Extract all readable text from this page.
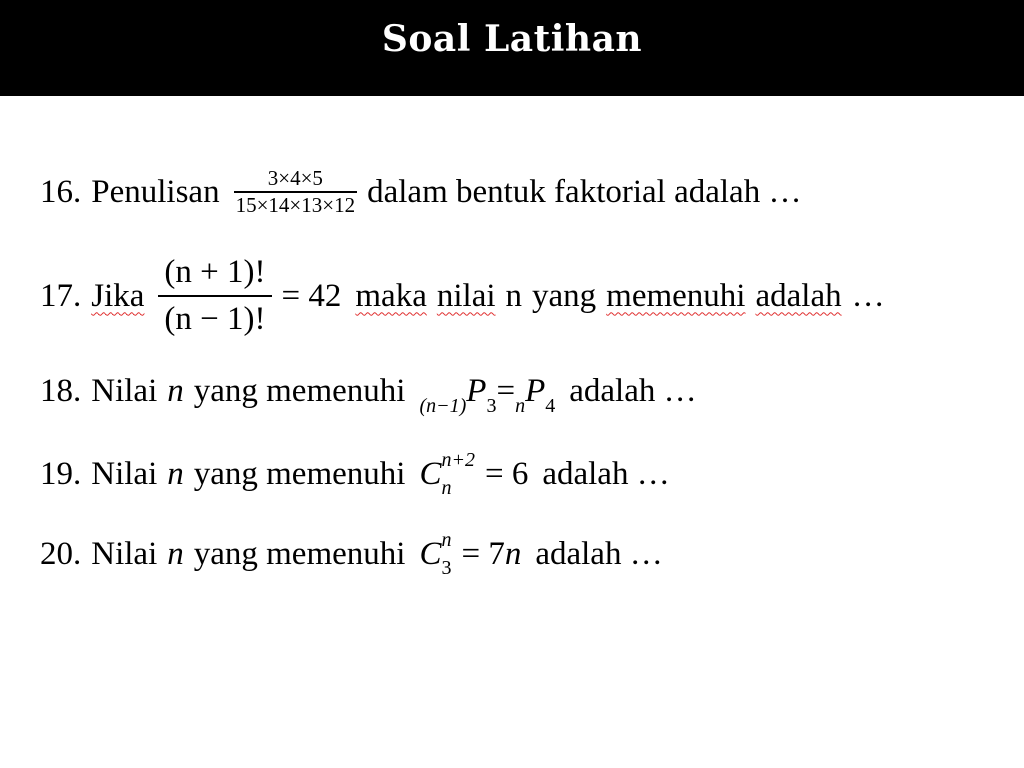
Soal Latihan
16. Penulisan $\frac{3\times 4\times 5}{15\times 14\times 13\times 12}$ dalam bentuk faktorial adalah …
17. Jika $\frac{(n + 1)!}{(n - 1)!} = 42$ maka nilai n yang memenuhi adalah …
18. Nilai n yang memenuhi (n−1) P 3 = n P 4 adalah …
19. Nilai n yang memenuhi C n+2
n	= 6 adalah …
20. Nilai n yang memenuhi C n
3 = 7 n adalah …
